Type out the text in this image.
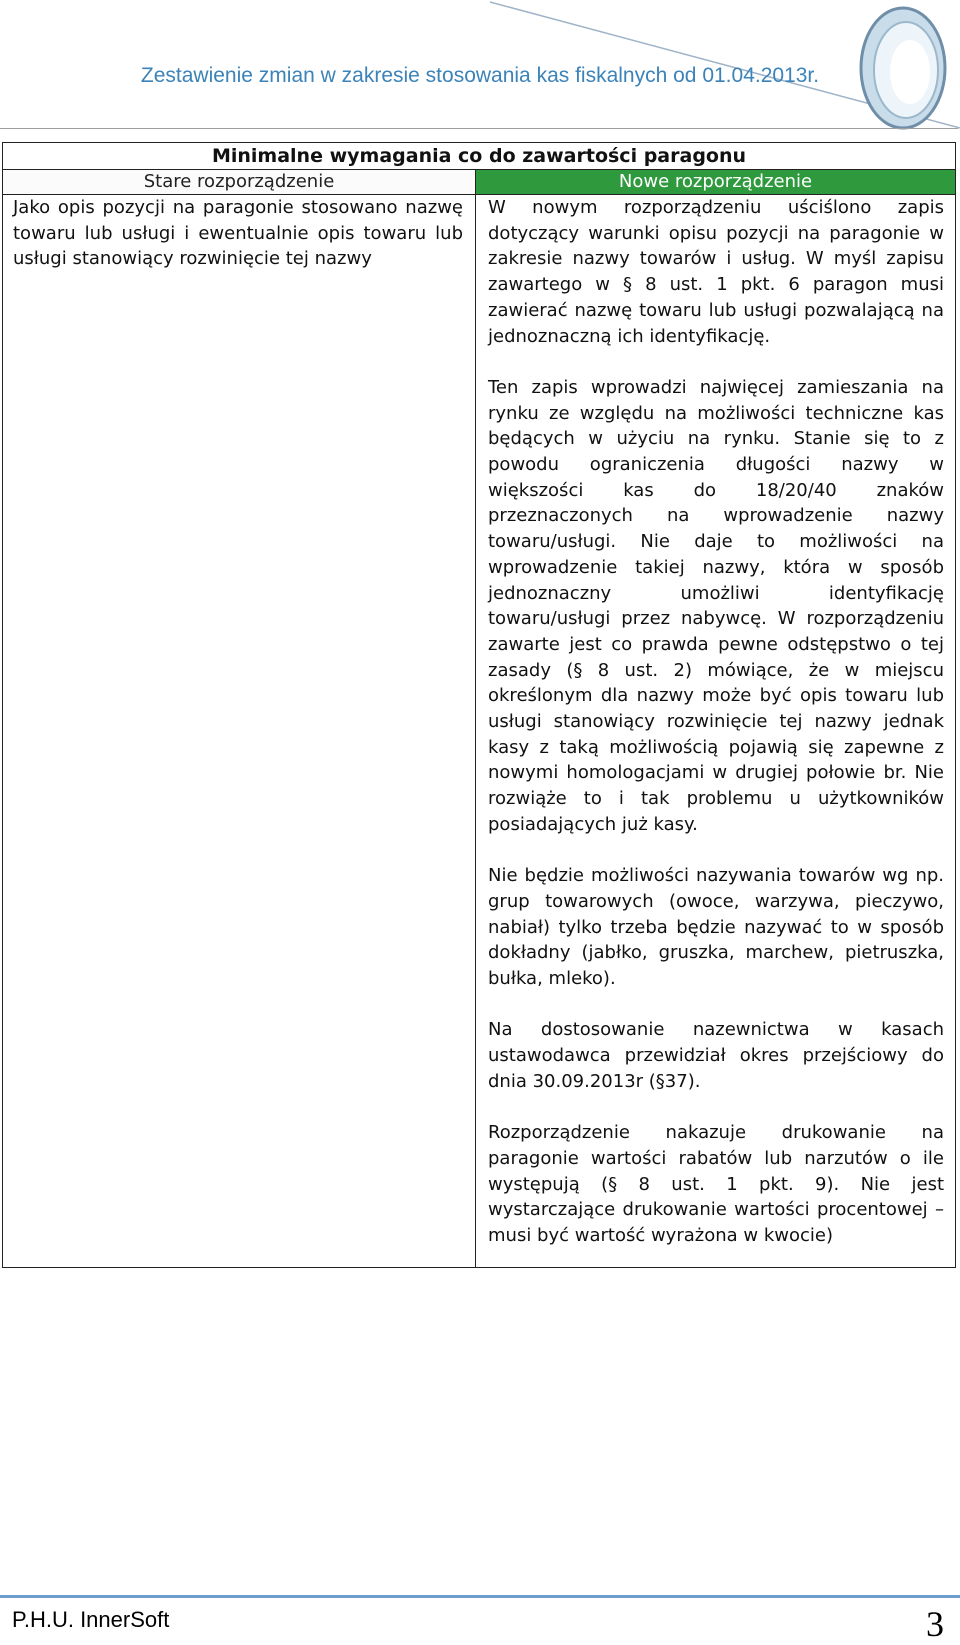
Zestawienie zmian w zakresie stosowania kas fiskalnych od 01.04.2013r.
Minimalne wymagania co do zawartości paragonu	
Stare rozporządzenie	Nowe rozporządzenie

Jako opis pozycji na paragonie stosowano nazwę towaru lub usługi i ewentualnie opis towaru lub usługi stanowiący rozwinięcie tej nazwy	W nowym rozporządzeniu uściślono zapis dotyczący warunki opisu pozycji na paragonie w zakresie nazwy towarów i usług. W myśl zapisu zawartego w § 8 ust. 1 pkt. 6 paragon musi zawierać nazwę towaru lub usługi pozwalającą na jednoznaczną ich identyfikację.

Ten zapis wprowadzi najwięcej zamieszania na rynku ze względu na możliwości techniczne kas będących w użyciu na rynku. Stanie się to z powodu ograniczenia długości nazwy w większości kas do 18/20/40 znaków przeznaczonych na wprowadzenie nazwy towaru/usługi. Nie daje to możliwości na wprowadzenie takiej nazwy, która w sposób jednoznaczny umożliwi identyfikację towaru/usługi przez nabywcę. W rozporządzeniu zawarte jest co prawda pewne odstępstwo o tej zasady (§ 8 ust. 2) mówiące, że w miejscu określonym dla nazwy może być opis towaru lub usługi stanowiący rozwinięcie tej nazwy jednak kasy z taką możliwością pojawią się zapewne z nowymi homologacjami w drugiej połowie br. Nie rozwiąże to i tak problemu u użytkowników posiadających już kasy.

Nie będzie możliwości nazywania towarów wg np. grup towarowych (owoce, warzywa, pieczywo, nabiał) tylko trzeba będzie nazywać to w sposób dokładny (jabłko, gruszka, marchew, pietruszka, bułka, mleko).

Na dostosowanie nazewnictwa w kasach ustawodawca przewidział okres przejściowy do dnia 30.09.2013r (§37).

Rozporządzenie nakazuje drukowanie na paragonie wartości rabatów lub narzutów o ile występują (§ 8 ust. 1 pkt. 9). Nie jest wystarczające drukowanie wartości procentowej – musi być wartość wyrażona w kwocie)

P.H.U. InnerSoft	3
